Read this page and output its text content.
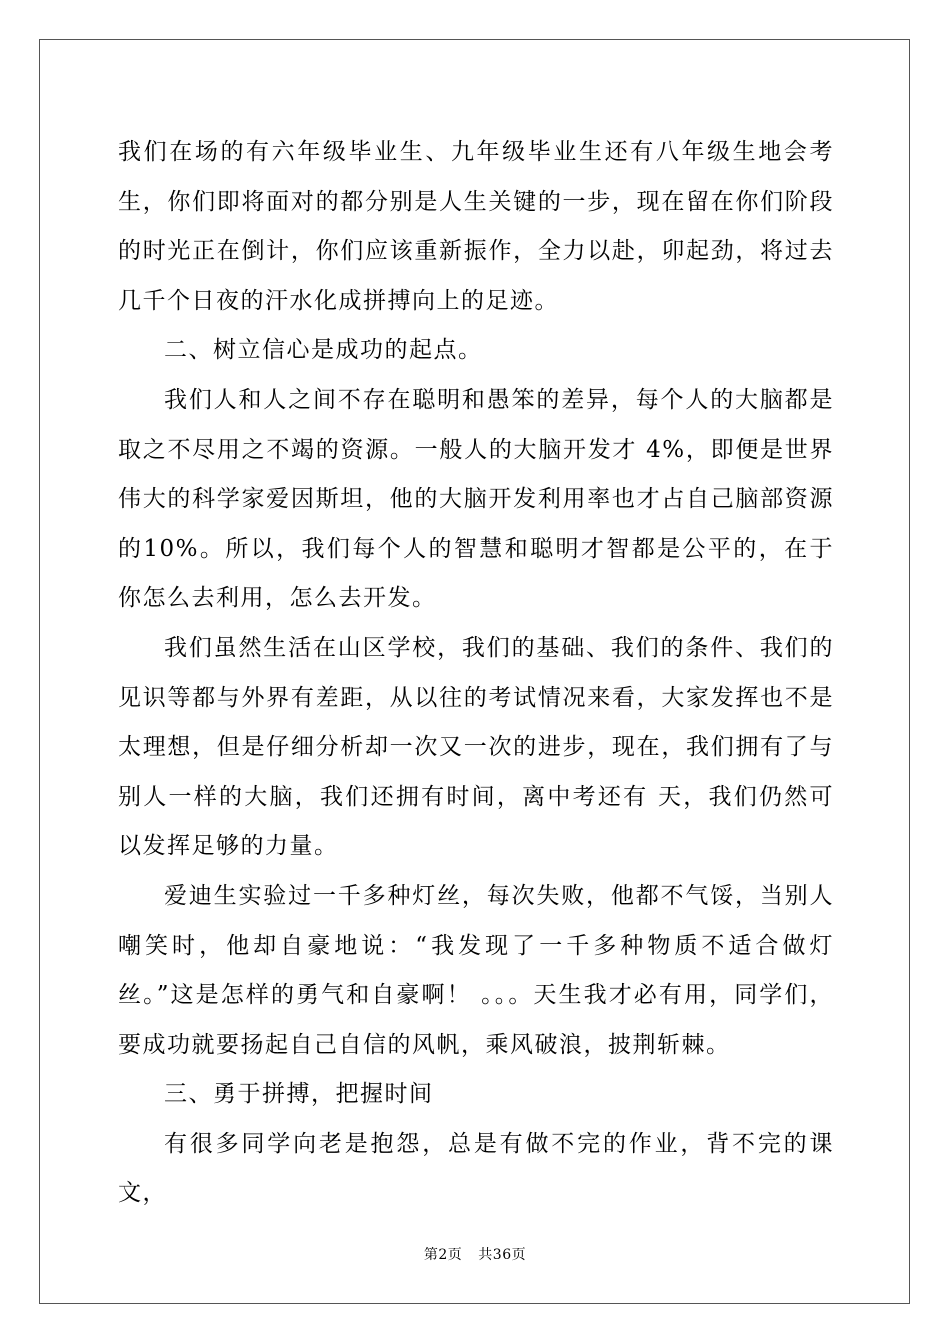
我们在场的有六年级毕业生、九年级毕业生还有八年级生地会考生，你们即将面对的都分别是人生关键的一步，现在留在你们阶段的时光正在倒计，你们应该重新振作，全力以赴，卯起劲，将过去几千个日夜的汗水化成拼搏向上的足迹。

二、树立信心是成功的起点。

我们人和人之间不存在聪明和愚笨的差异，每个人的大脑都是取之不尽用之不竭的资源。一般人的大脑开发才 4%，即便是世界伟大的科学家爱因斯坦，他的大脑开发利用率也才占自己脑部资源的10%。所以，我们每个人的智慧和聪明才智都是公平的，在于你怎么去利用，怎么去开发。

我们虽然生活在山区学校，我们的基础、我们的条件、我们的见识等都与外界有差距，从以往的考试情况来看，大家发挥也不是太理想，但是仔细分析却一次又一次的进步，现在，我们拥有了与别人一样的大脑，我们还拥有时间，离中考还有 天，我们仍然可以发挥足够的力量。

爱迪生实验过一千多种灯丝，每次失败，他都不气馁，当别人嘲笑时，他却自豪地说：“我发现了一千多种物质不适合做灯丝。”这是怎样的勇气和自豪啊！ 。。。天生我才必有用，同学们，要成功就要扬起自己自信的风帆，乘风破浪，披荆斩棘。

三、勇于拼搏，把握时间

有很多同学向老是抱怨，总是有做不完的作业，背不完的课文，

第2页 共36页
